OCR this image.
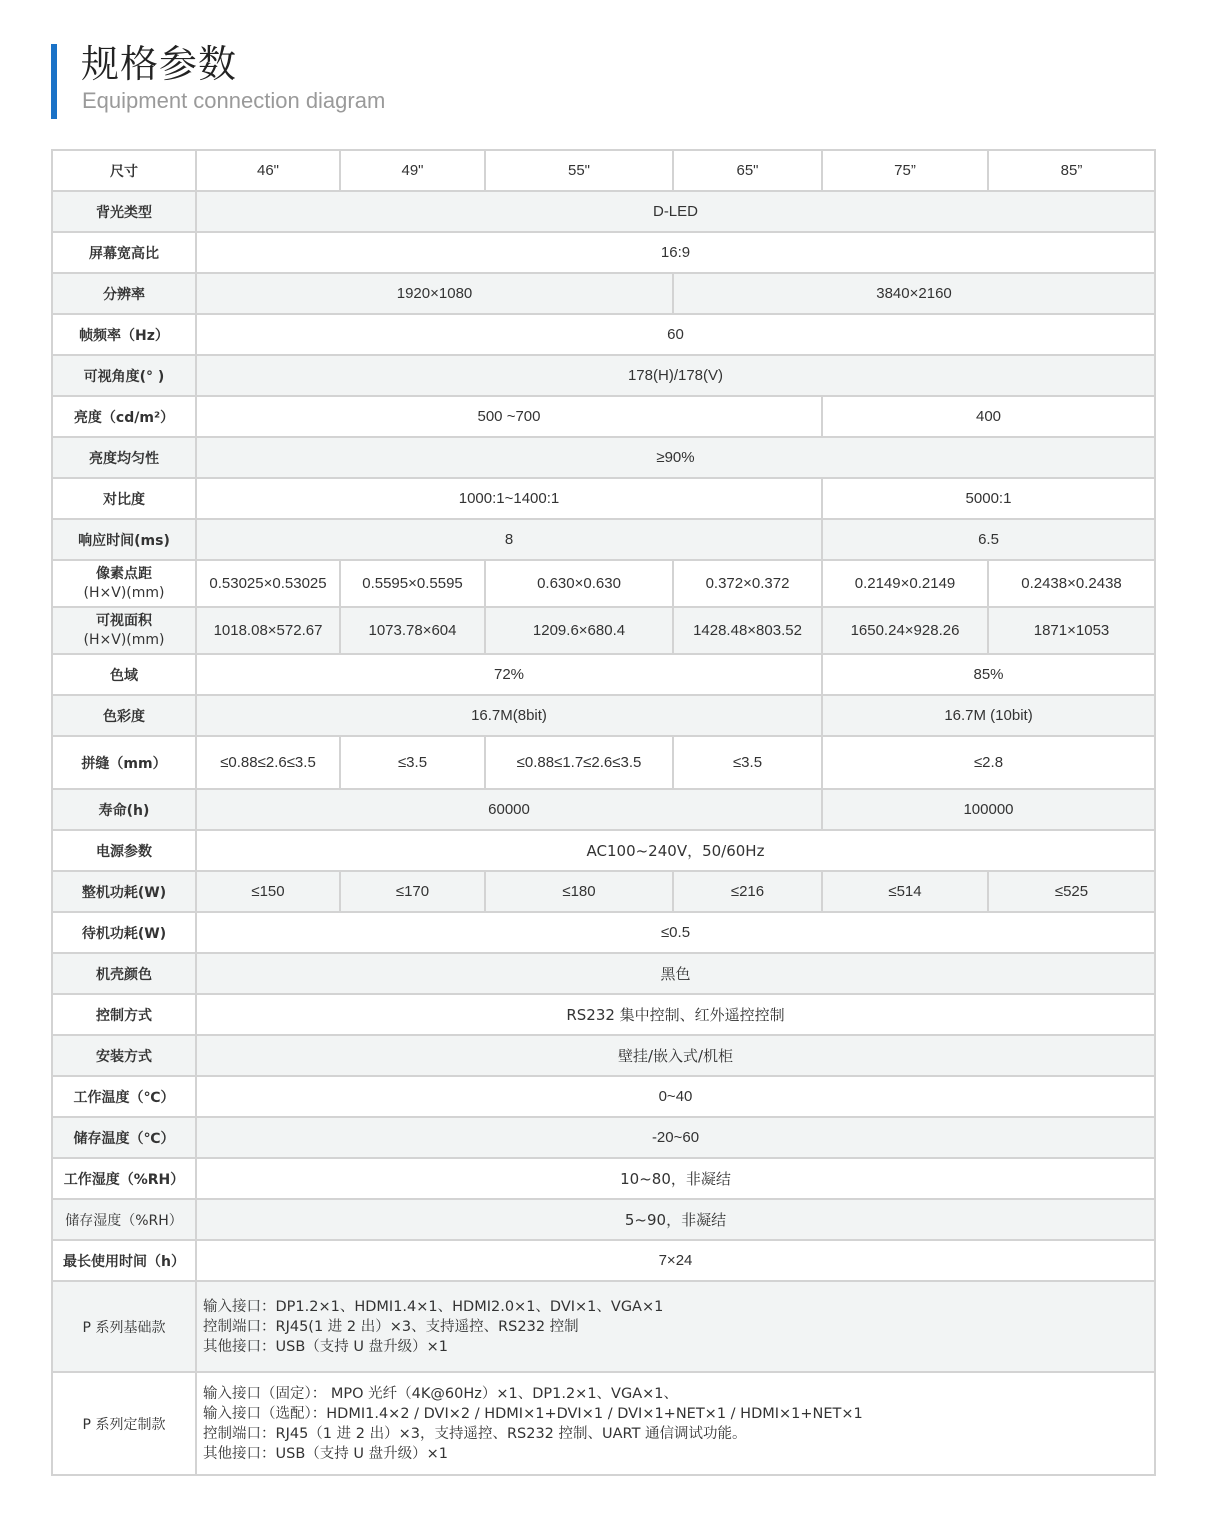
规格参数
Equipment connection diagram
尺寸	46"	49"	55"	65"	75”	85”
背光类型	D-LED					
屏幕宽高比	16:9					
分辨率	1920×1080			3840×2160		
帧频率（Hz）	60					
可视角度(° )	178(H)/178(V)					
亮度（cd/m²）	500 ~700				400	
亮度均匀性	≥90%					
对比度	1000:1~1400:1				5000:1	
响应时间(ms)	8				6.5	

像素点距
(H×V)(mm)	0.53025×0.53025	0.5595×0.5595	0.630×0.630	0.372×0.372	0.2149×0.2149	0.2438×0.2438

可视面积
(H×V)(mm)	1018.08×572.67	1073.78×604	1209.6×680.4	1428.48×803.52	1650.24×928.26	1871×1053
色域	72%				85%	
色彩度	16.7M(8bit)				16.7M (10bit)	
拼缝（mm）	≤0.88≤2.6≤3.5	≤3.5	≤0.88≤1.7≤2.6≤3.5	≤3.5	≤2.8	
寿命(h)	60000				100000	
电源参数	AC100~240V，50/60Hz					
整机功耗(W)	≤150	≤170	≤180	≤216	≤514	≤525
待机功耗(W)	≤0.5					
机壳颜色	黑色					
控制方式	RS232 集中控制、红外遥控控制					
安装方式	壁挂/嵌入式/机柜					
工作温度（℃）	0~40					
储存温度（℃）	-20~60					
工作湿度（%RH）	10~80，非凝结					
储存湿度（%RH）	5~90，非凝结					
最长使用时间（h）	7×24					
P 系列基础款	输入接口：DP1.2×1、HDMI1.4×1、HDMI2.0×1、DVI×1、VGA×1
控制端口：RJ45(1 进 2 出）×3、支持遥控、RS232 控制
其他接口：USB（支持 U 盘升级）×1					

P 系列定制款	输入接口（固定）： MPO 光纤（4K@60Hz）×1、DP1.2×1、VGA×1、
输入接口（选配）：HDMI1.4×2 / DVI×2 / HDMI×1+DVI×1 / DVI×1+NET×1 / HDMI×1+NET×1
控制端口：RJ45（1 进 2 出）×3，支持遥控、RS232 控制、UART 通信调试功能。
其他接口：USB（支持 U 盘升级）×1					
